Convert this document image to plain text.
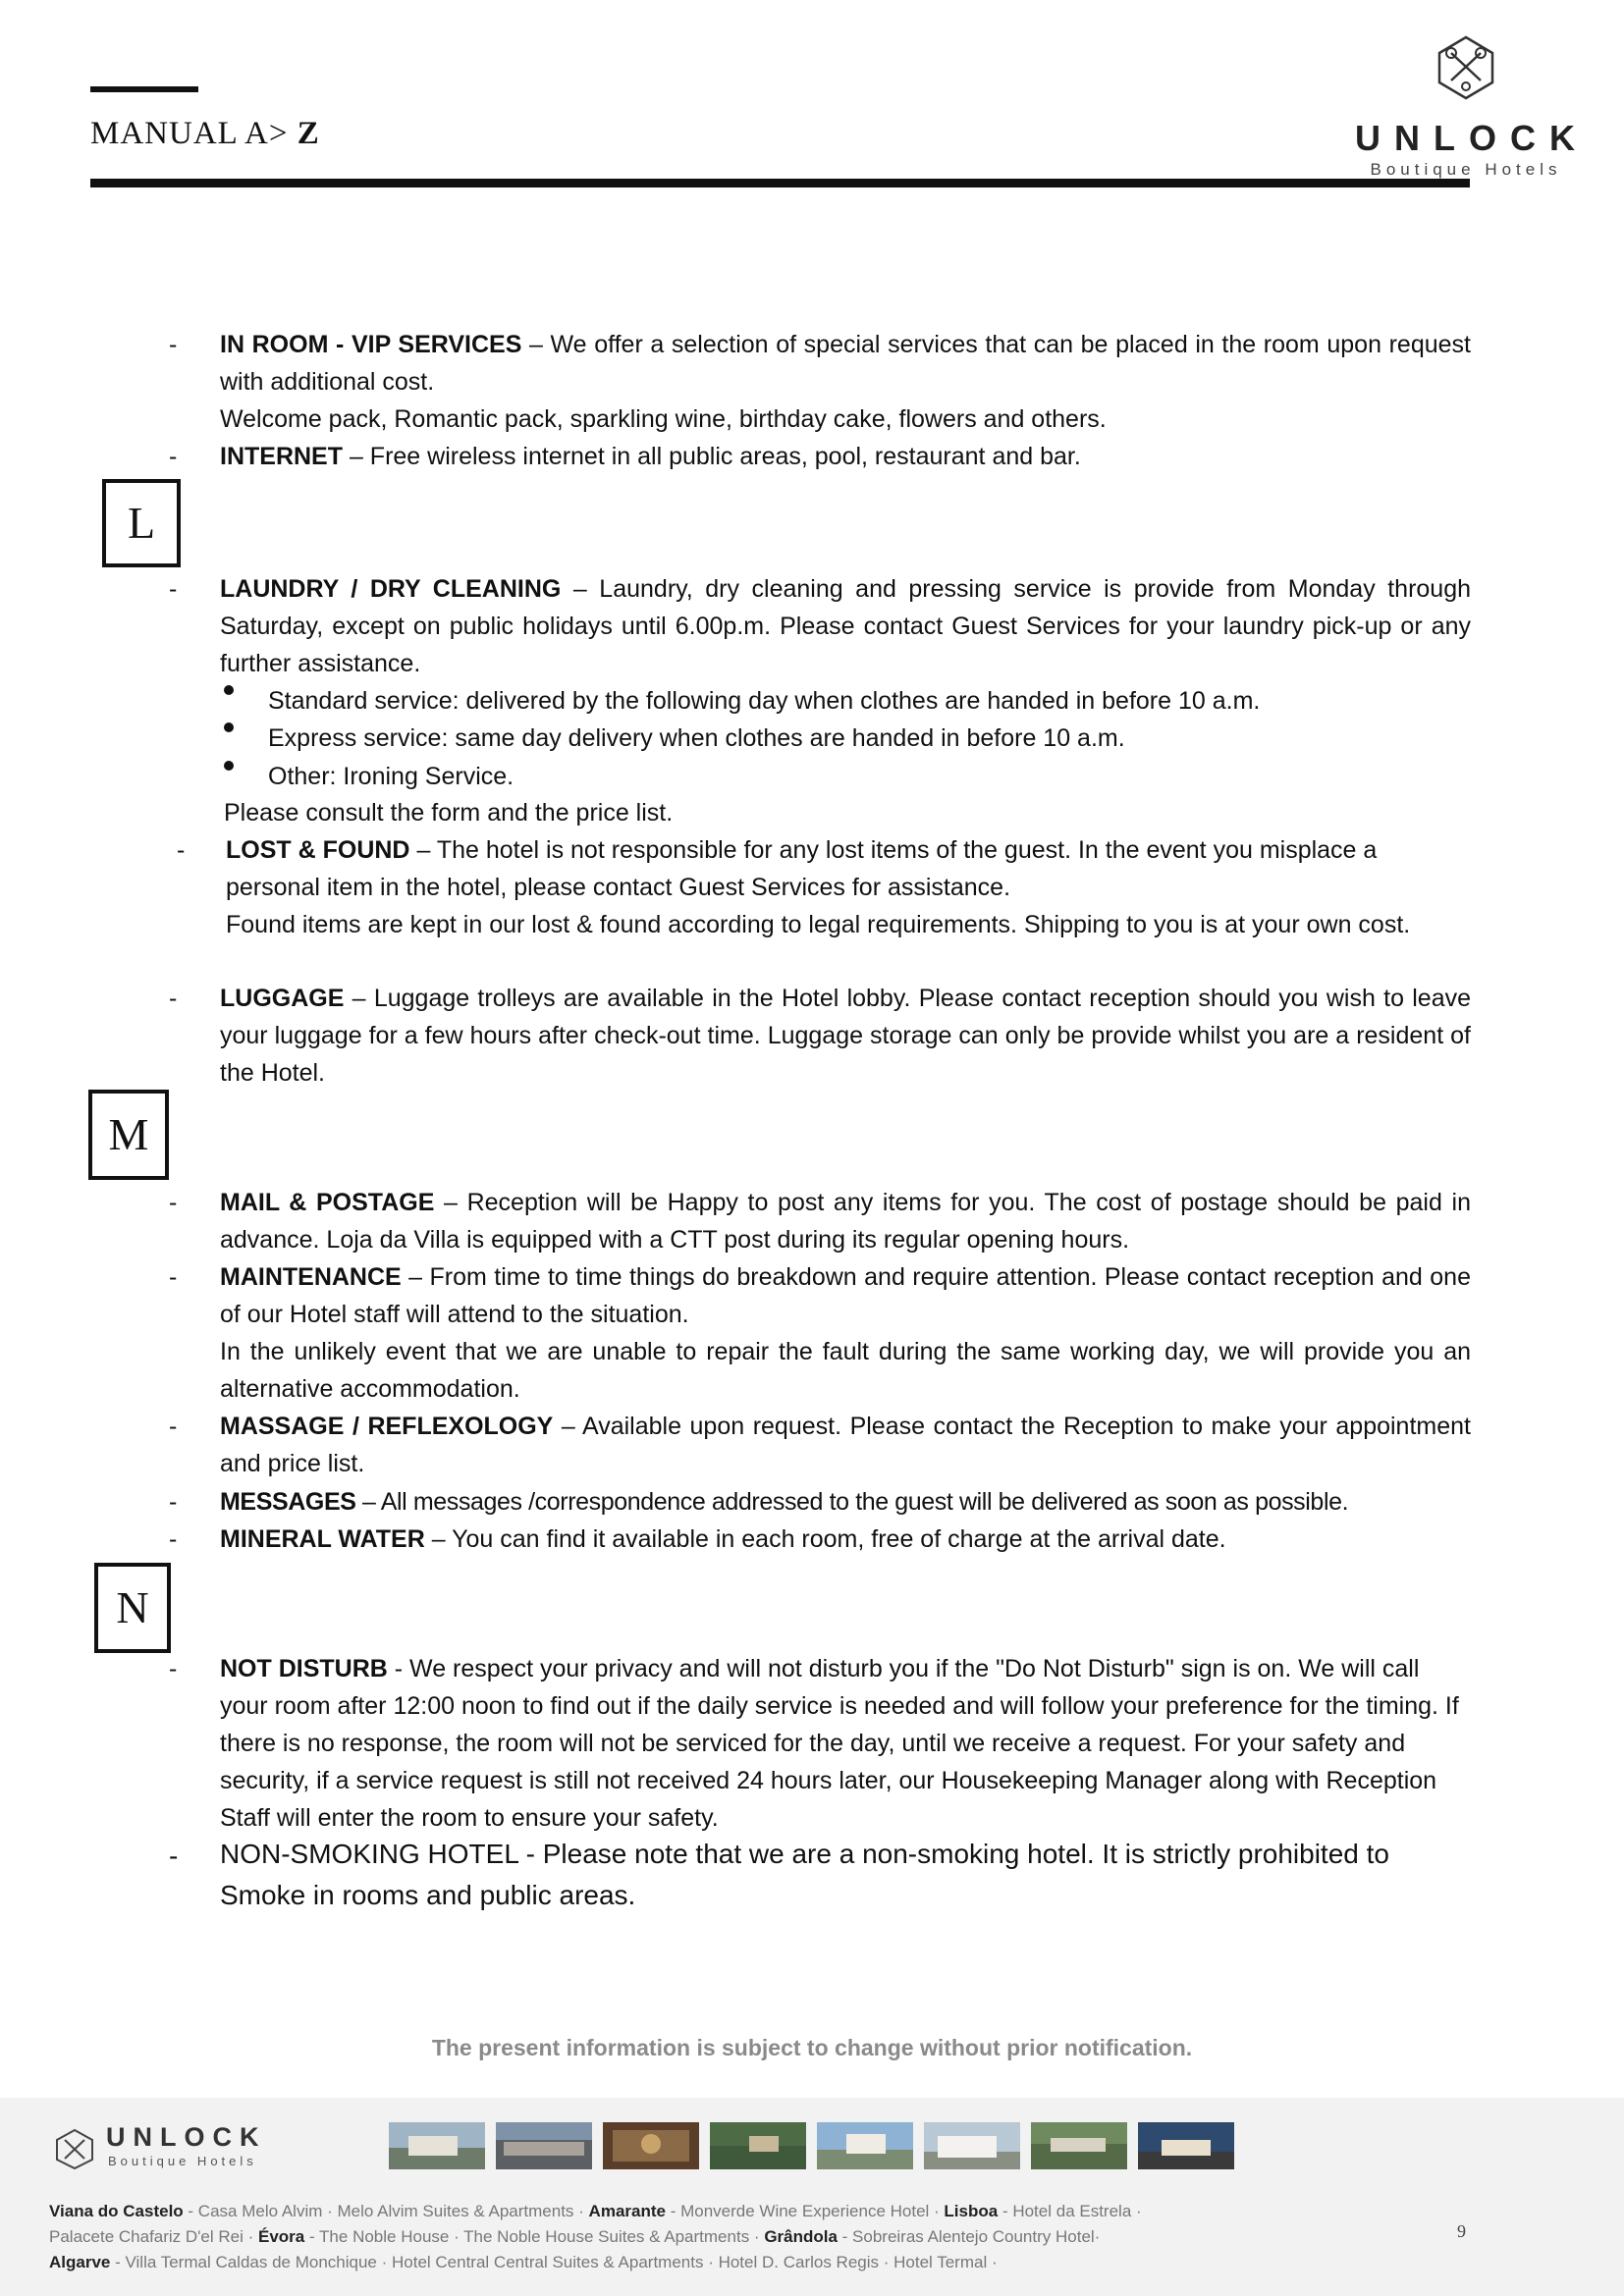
MANUAL A> Z	UNLOCK
Boutique Hotels
-	IN ROOM - VIP SERVICES – We offer a selection of special services that can be placed in the room upon request with additional cost.
Welcome pack, Romantic pack, sparkling wine, birthday cake, flowers and others.
-	INTERNET – Free wireless internet in all public areas, pool, restaurant and bar.
L
-	LAUNDRY / DRY CLEANING – Laundry, dry cleaning and pressing service is provide from Monday through Saturday, except on public holidays until 6.00p.m. Please contact Guest Services for your laundry pick-up or any further assistance.
Standard service: delivered by the following day when clothes are handed in before 10 a.m.
Express service: same day delivery when clothes are handed in before 10 a.m.
Other: Ironing Service.
Please consult the form and the price list.
-	LOST & FOUND – The hotel is not responsible for any lost items of the guest. In the event you misplace a personal item in the hotel, please contact Guest Services for assistance.
Found items are kept in our lost & found according to legal requirements. Shipping to you is at your own cost.
-	LUGGAGE – Luggage trolleys are available in the Hotel lobby. Please contact reception should you wish to leave your luggage for a few hours after check-out time. Luggage storage can only be provide whilst you are a resident of the Hotel.
M
-	MAIL & POSTAGE – Reception will be Happy to post any items for you. The cost of postage should be paid in advance. Loja da Villa is equipped with a CTT post during its regular opening hours.
-	MAINTENANCE – From time to time things do breakdown and require attention. Please contact reception and one of our Hotel staff will attend to the situation.
In the unlikely event that we are unable to repair the fault during the same working day, we will provide you an alternative accommodation.
-	MASSAGE / REFLEXOLOGY – Available upon request. Please contact the Reception to make your appointment and price list.
-	MESSAGES – All messages /correspondence addressed to the guest will be delivered as soon as possible.
-	MINERAL WATER – You can find it available in each room, free of charge at the arrival date.
N
-	NOT DISTURB - We respect your privacy and will not disturb you if the "Do Not Disturb" sign is on. We will call your room after 12:00 noon to find out if the daily service is needed and will follow your preference for the timing. If there is no response, the room will not be serviced for the day, until we receive a request. For your safety and security, if a service request is still not received 24 hours later, our Housekeeping Manager along with Reception Staff will enter the room to ensure your safety.
-	NON-SMOKING HOTEL - Please note that we are a non-smoking hotel. It is strictly prohibited to Smoke in rooms and public areas.
The present information is subject to change without prior notification.
UNLOCK
Boutique Hotels
Viana do Castelo - Casa Melo Alvim · Melo Alvim Suites & Apartments · Amarante - Monverde Wine Experience Hotel · Lisboa - Hotel da Estrela ·
Palacete Chafariz D'el Rei · Évora - The Noble House · The Noble House Suites & Apartments · Grândola - Sobreiras Alentejo Country Hotel·
Algarve - Villa Termal Caldas de Monchique · Hotel Central Central Suites & Apartments · Hotel D. Carlos Regis · Hotel Termal ·
9
